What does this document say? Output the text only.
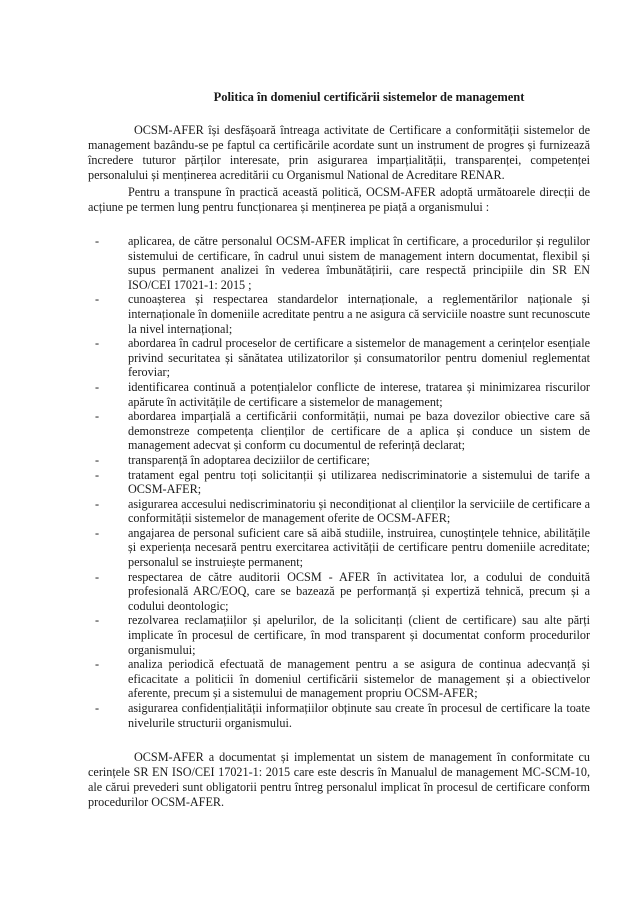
Politica în domeniul certificării sistemelor de management

OCSM-AFER își desfășoară întreaga activitate de Certificare a conformității sistemelor de management bazându-se pe faptul ca certificările acordate sunt un instrument de progres și furnizează încredere tuturor părților interesate, prin asigurarea imparțialității, transparenței, competenței personalului și menținerea acreditării cu Organismul National de Acreditare RENAR.

Pentru a transpune în practică această politică, OCSM-AFER adoptă următoarele direcții de acțiune pe termen lung pentru funcționarea și menținerea pe piață a organismului :

- aplicarea, de către personalul OCSM-AFER implicat în certificare, a procedurilor și regulilor sistemului de certificare, în cadrul unui sistem de management intern documentat, flexibil și supus permanent analizei în vederea îmbunătățirii, care respectă principiile din SR EN ISO/CEI 17021-1: 2015 ;
- cunoașterea și respectarea standardelor internaționale, a reglementărilor naționale și internaționale în domeniile acreditate pentru a ne asigura că serviciile noastre sunt recunoscute la nivel internațional;
- abordarea în cadrul proceselor de certificare a sistemelor de management a cerințelor esențiale privind securitatea și sănătatea utilizatorilor și consumatorilor pentru domeniul reglementat feroviar;
- identificarea continuă a potențialelor conflicte de interese, tratarea și minimizarea riscurilor apărute în activitățile de certificare a sistemelor de management;
- abordarea imparțială a certificării conformității, numai pe baza dovezilor obiective care să demonstreze competența clienților de certificare de a aplica și conduce un sistem de management adecvat și conform cu documentul de referință declarat;
- transparență în adoptarea deciziilor de certificare;
- tratament egal pentru toți solicitanții și utilizarea nediscriminatorie a sistemului de tarife a OCSM-AFER;
- asigurarea accesului nediscriminatoriu și necondiționat al clienților la serviciile de certificare a conformității sistemelor de management oferite de OCSM-AFER;
- angajarea de personal suficient care să aibă studiile, instruirea, cunoștințele tehnice, abilitățile și experiența necesară pentru exercitarea activității de certificare pentru domeniile acreditate; personalul se instruiește permanent;
- respectarea de către auditorii OCSM - AFER în activitatea lor, a codului de conduită profesională ARC/EOQ, care se bazează pe performanță și expertiză tehnică, precum și a codului deontologic;
- rezolvarea reclamațiilor și apelurilor, de la solicitanți (client de certificare) sau alte părți implicate în procesul de certificare, în mod transparent și documentat conform procedurilor organismului;
- analiza periodică efectuată de management pentru a se asigura de continua adecvanță și eficacitate a politicii în domeniul certificării sistemelor de management și a obiectivelor aferente, precum și a sistemului de management propriu OCSM-AFER;
- asigurarea confidențialității informațiilor obținute sau create în procesul de certificare la toate nivelurile structurii organismului.

OCSM-AFER a documentat și implementat un sistem de management în conformitate cu cerințele SR EN ISO/CEI 17021-1: 2015 care este descris în Manualul de management MC-SCM-10, ale cărui prevederi sunt obligatorii pentru întreg personalul implicat în procesul de certificare conform procedurilor OCSM-AFER.
